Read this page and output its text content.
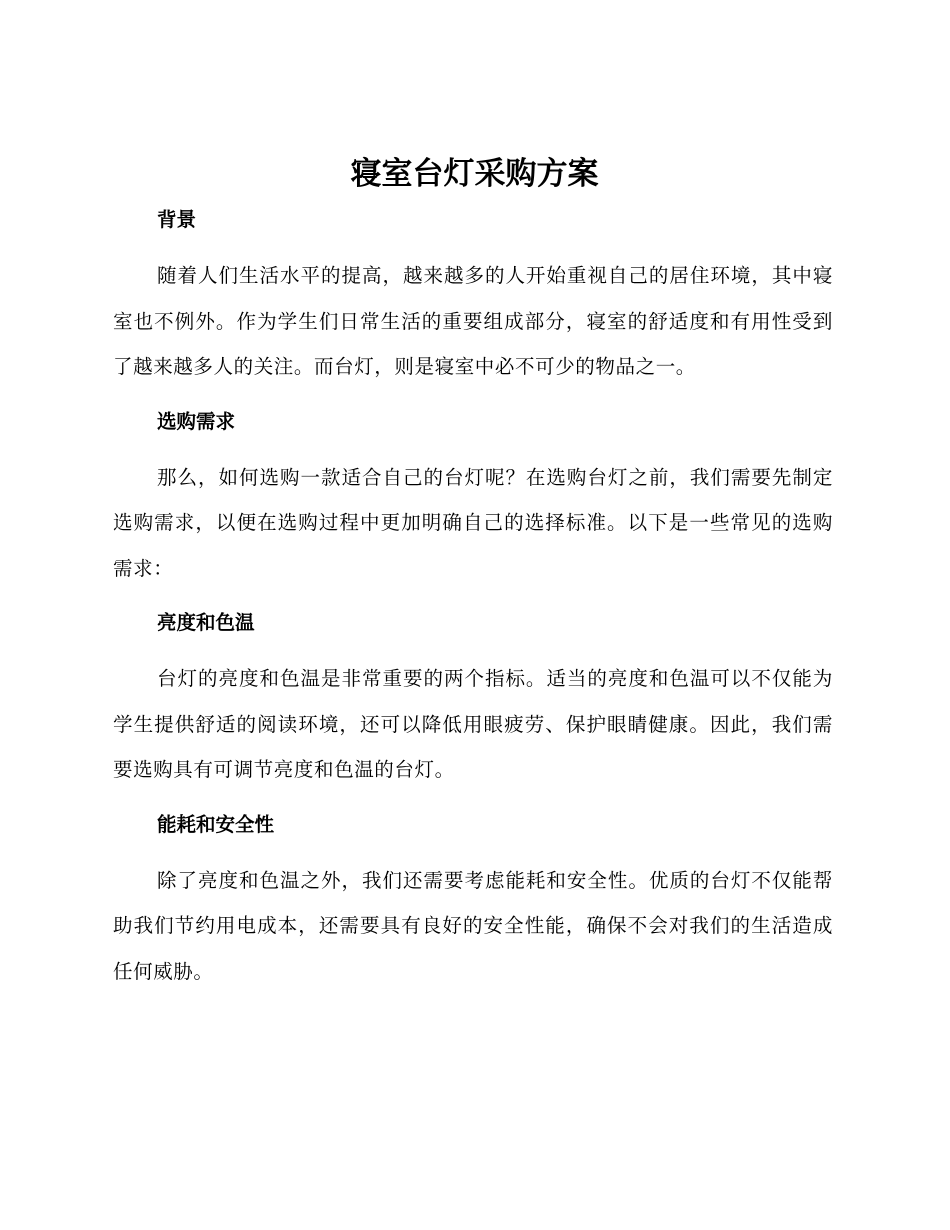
寝室台灯采购方案
背景

随着人们生活水平的提高，越来越多的人开始重视自己的居住环境，其中寝室也不例外。作为学生们日常生活的重要组成部分，寝室的舒适度和有用性受到了越来越多人的关注。而台灯，则是寝室中必不可少的物品之一。

选购需求

那么，如何选购一款适合自己的台灯呢？在选购台灯之前，我们需要先制定选购需求，以便在选购过程中更加明确自己的选择标准。以下是一些常见的选购需求：

亮度和色温

台灯的亮度和色温是非常重要的两个指标。适当的亮度和色温可以不仅能为学生提供舒适的阅读环境，还可以降低用眼疲劳、保护眼睛健康。因此，我们需要选购具有可调节亮度和色温的台灯。

能耗和安全性

除了亮度和色温之外，我们还需要考虑能耗和安全性。优质的台灯不仅能帮助我们节约用电成本，还需要具有良好的安全性能，确保不会对我们的生活造成任何威胁。
